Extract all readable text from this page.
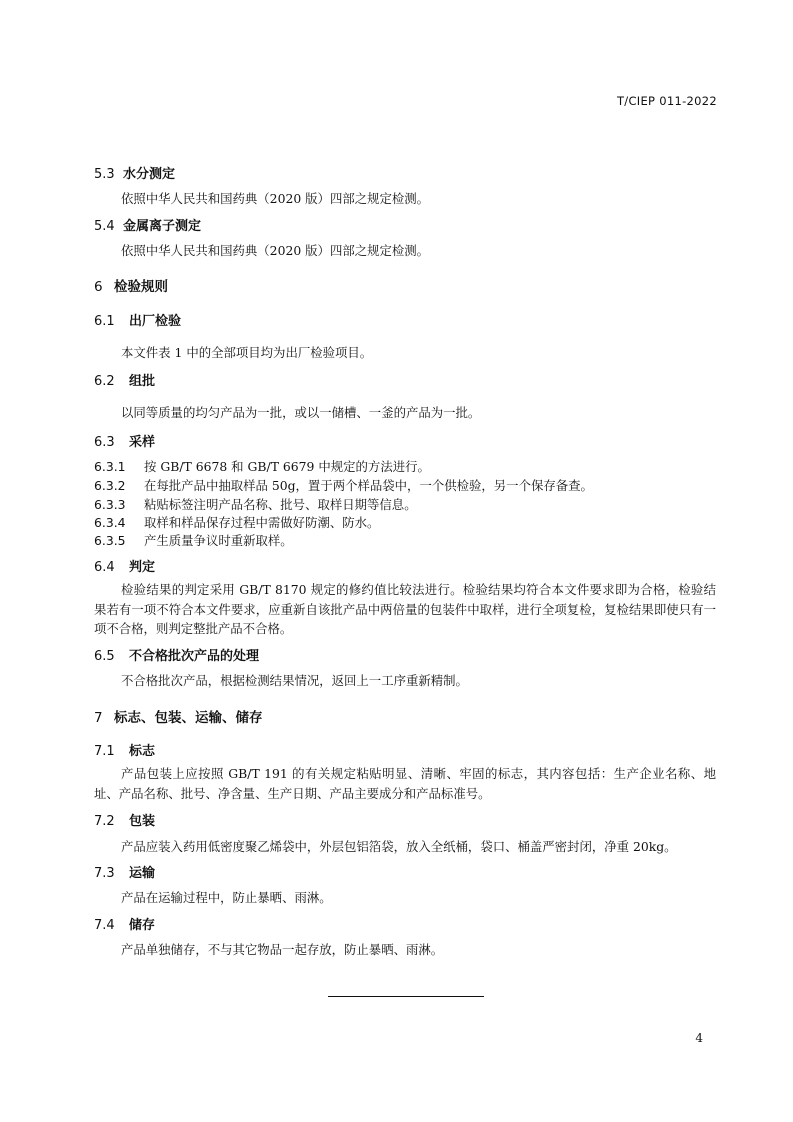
T/CIEP 011-2022
5.3 水分测定
依照中华人民共和国药典（2020 版）四部之规定检测。
5.4 金属离子测定
依照中华人民共和国药典（2020 版）四部之规定检测。
6 检验规则
6.1 出厂检验
本文件表 1 中的全部项目均为出厂检验项目。
6.2 组批
以同等质量的均匀产品为一批，或以一储槽、一釜的产品为一批。
6.3 采样
6.3.1 按 GB/T 6678 和 GB/T 6679 中规定的方法进行。
6.3.2 在每批产品中抽取样品 50g，置于两个样品袋中，一个供检验，另一个保存备查。
6.3.3 粘贴标签注明产品名称、批号、取样日期等信息。
6.3.4 取样和样品保存过程中需做好防潮、防水。
6.3.5 产生质量争议时重新取样。
6.4 判定
检验结果的判定采用 GB/T 8170 规定的修约值比较法进行。检验结果均符合本文件要求即为合格，检验结果若有一项不符合本文件要求，应重新自该批产品中两倍量的包装件中取样，进行全项复检，复检结果即使只有一项不合格，则判定整批产品不合格。
6.5 不合格批次产品的处理
不合格批次产品，根据检测结果情况，返回上一工序重新精制。
7 标志、包装、运输、储存
7.1 标志
产品包装上应按照 GB/T 191 的有关规定粘贴明显、清晰、牢固的标志，其内容包括：生产企业名称、地址、产品名称、批号、净含量、生产日期、产品主要成分和产品标准号。
7.2 包装
产品应装入药用低密度聚乙烯袋中，外层包铝箔袋，放入全纸桶，袋口、桶盖严密封闭，净重 20kg。
7.3 运输
产品在运输过程中，防止暴晒、雨淋。
7.4 储存
产品单独储存，不与其它物品一起存放，防止暴晒、雨淋。
4
